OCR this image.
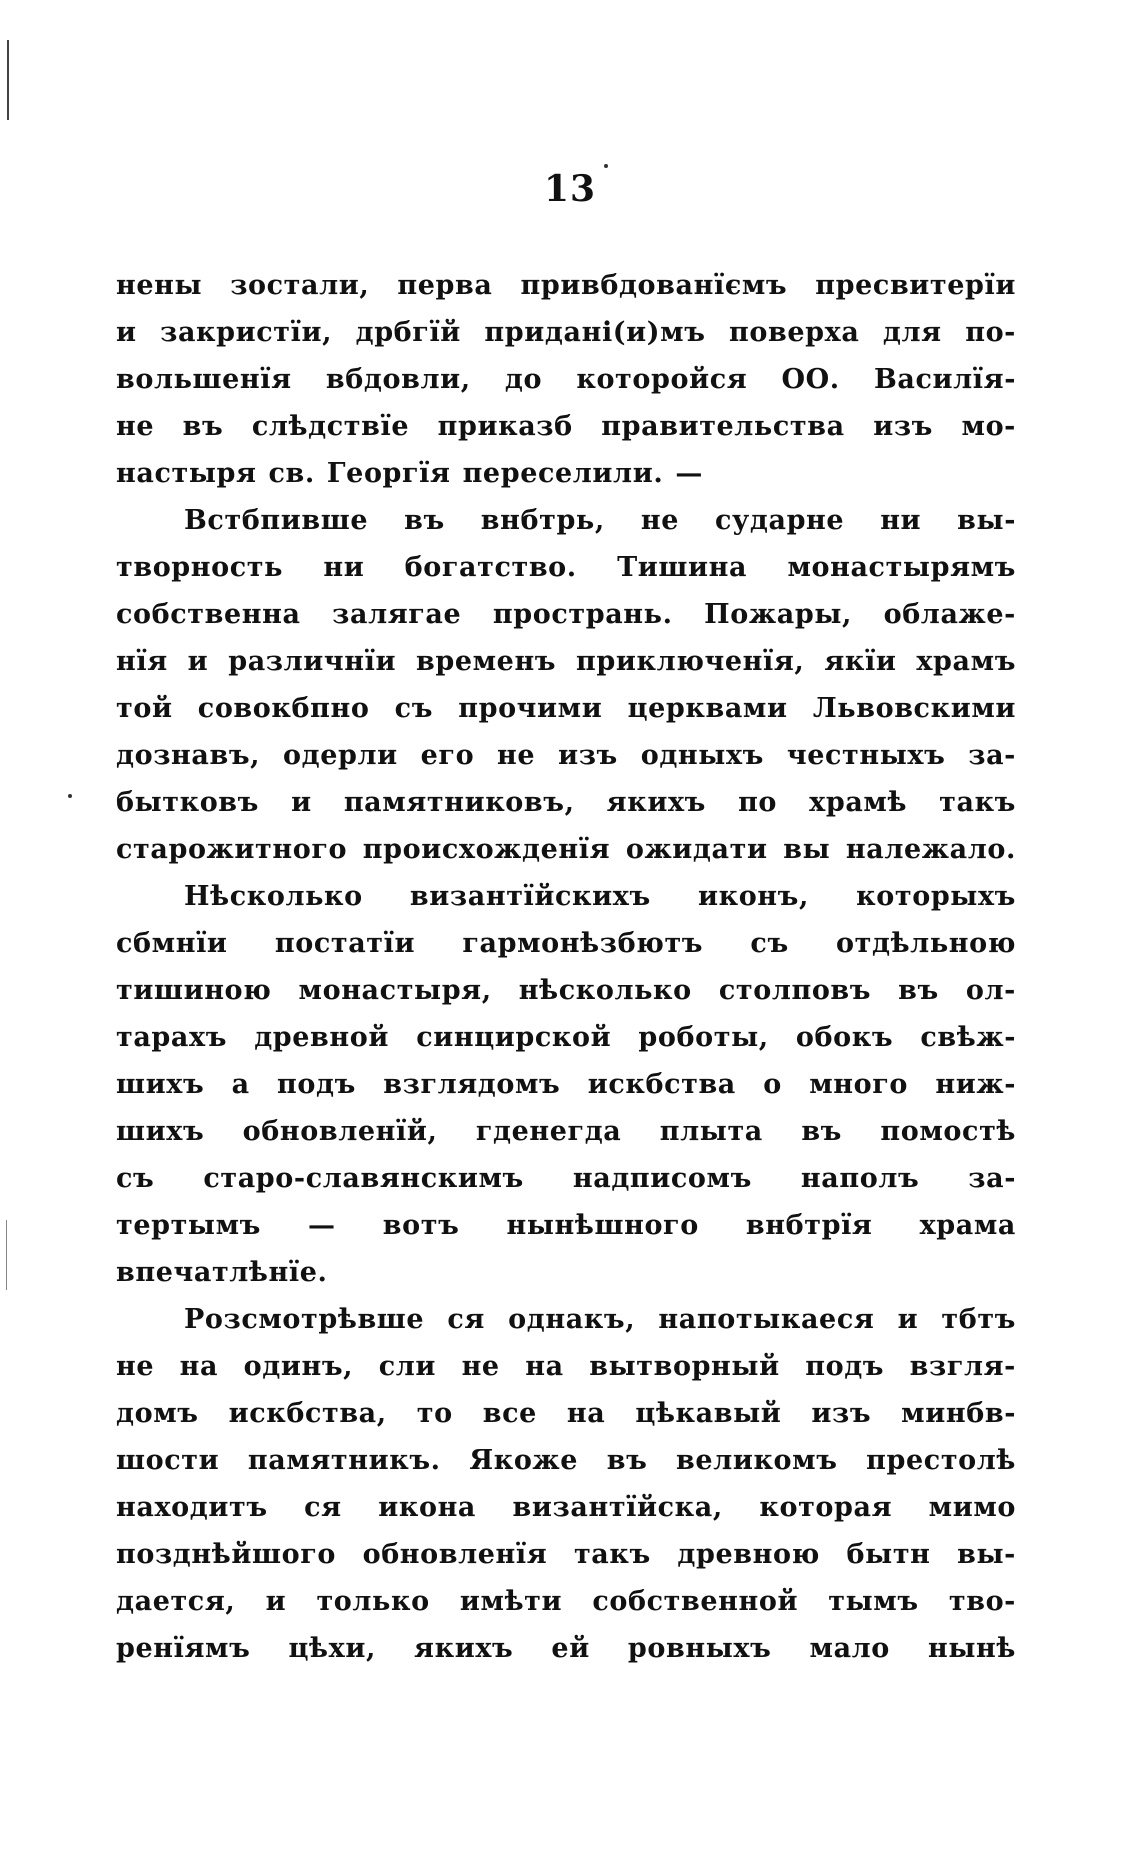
13
нены зостали, перва привбдованїємъ пресвитерїи
и закристїи, дрбгїй придані(и)мъ поверха для по-
вольшенїя вбдовли, до которойся ОО. Василїя-
не въ слѣдствїе приказб правительства изъ мо-
настыря св. Георгїя переселили. —
Встбпивше въ внбтрь, не сударне ни вы-
творность ни богатство. Тишина монастырямъ
собственна залягае пространь. Пожары, облаже-
нїя и различнїи временъ приключенїя, якїи храмъ
той совокбпно съ прочими церквами Львовскими
дознавъ, одерли его не изъ одныхъ честныхъ за-
бытковъ и памятниковъ, якихъ по храмѣ такъ
старожитного происхожденїя ожидати вы належало.
Нѣсколько византїйскихъ иконъ, которыхъ
сбмнїи постатїи гармонѣзбютъ съ отдѣльною
тишиною монастыря, нѣсколько столповъ въ ол-
тарахъ древной синцирской роботы, обокъ свѣж-
шихъ а подъ взглядомъ искбства о много ниж-
шихъ обновленїй, гденегда плыта въ помостѣ
съ старо-славянскимъ надписомъ наполъ за-
тертымъ — вотъ нынѣшного внбтрїя храма
впечатлѣнїе.
Розсмотрѣвше ся однакъ, напотыкаеся и тбтъ
не на одинъ, сли не на вытворный подъ взгля-
домъ искбства, то все на цѣкавый изъ минбв-
шости памятникъ. Якоже въ великомъ престолѣ
находитъ ся икона византїйска, которая мимо
позднѣйшого обновленїя такъ древною бытн вы-
дается, и только имѣти собственной тымъ тво-
ренїямъ цѣхи, якихъ ей ровныхъ мало нынѣ
